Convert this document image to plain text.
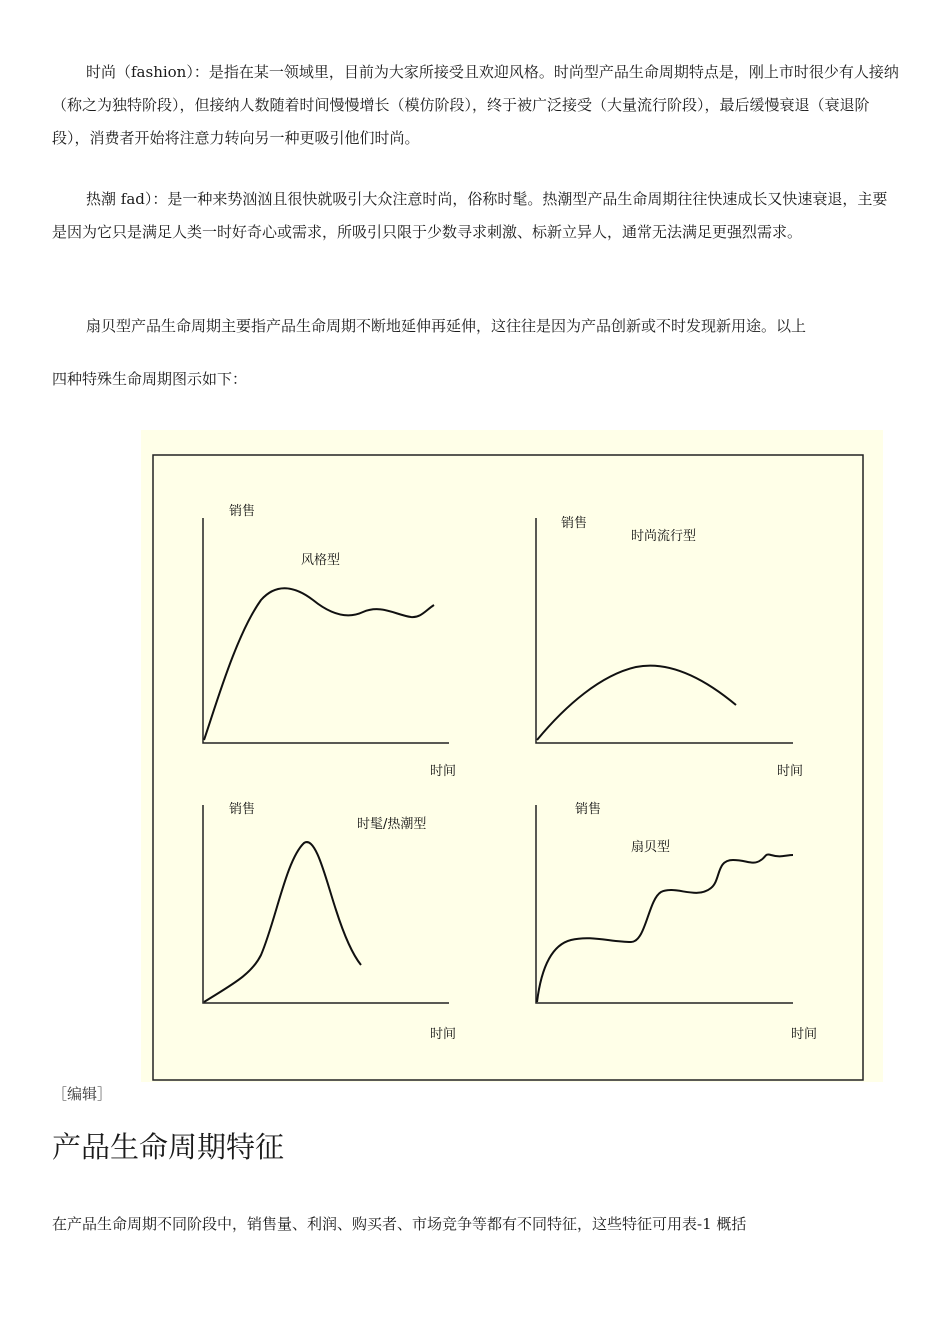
时尚（fashion）：是指在某一领域里，目前为大家所接受且欢迎风格。时尚型产品生命周期特点是，刚上市时很少有人接纳（称之为独特阶段），但接纳人数随着时间慢慢增长（模仿阶段），终于被广泛接受（大量流行阶段），最后缓慢衰退（衰退阶段），消费者开始将注意力转向另一种更吸引他们时尚。

热潮 fad）：是一种来势汹汹且很快就吸引大众注意时尚，俗称时髦。热潮型产品生命周期往往快速成长又快速衰退，主要是因为它只是满足人类一时好奇心或需求，所吸引只限于少数寻求刺激、标新立异人，通常无法满足更强烈需求。

扇贝型产品生命周期主要指产品生命周期不断地延伸再延伸，这往往是因为产品创新或不时发现新用途。以上

四种特殊生命周期图示如下：

销售
风格型
时间
销售
时尚流行型
时间
销售
时髦/热潮型
时间
销售
扇贝型
时间
［编辑］
产品生命周期特征

在产品生命周期不同阶段中，销售量、利润、购买者、市场竞争等都有不同特征，这些特征可用表-1 概括
